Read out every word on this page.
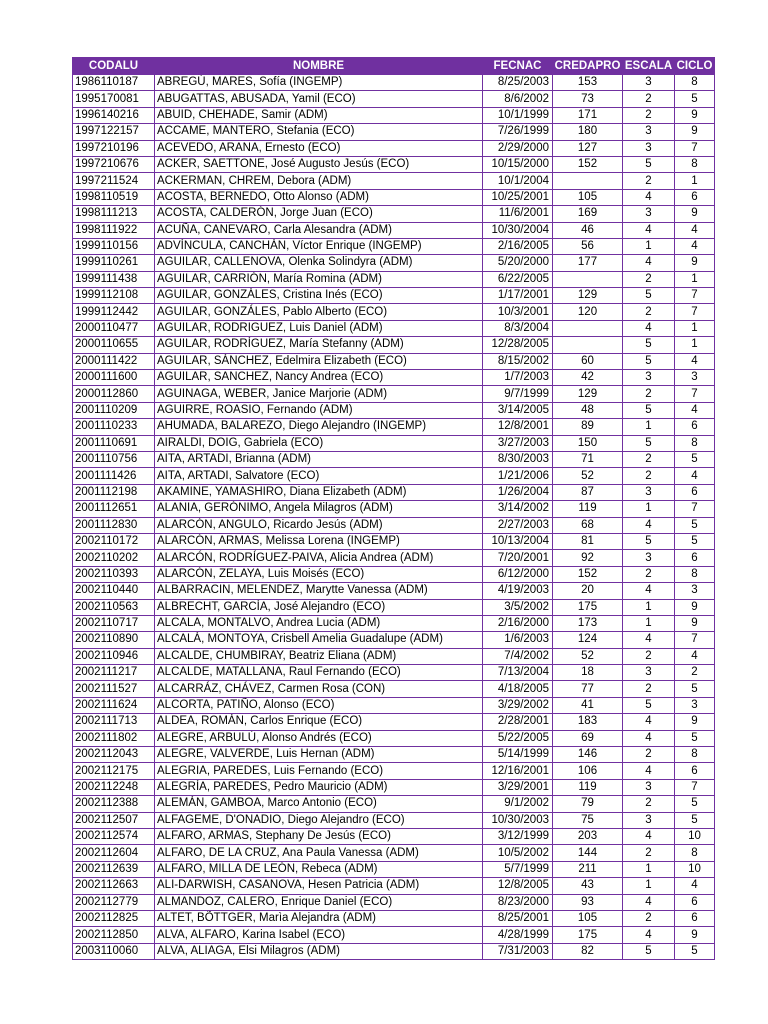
CODALU	NOMBRE	FECNAC	CREDAPRO	ESCALA	CICLO
1986110187	ABREGÚ, MARES, Sofía (INGEMP)	8/25/2003	153	3	8
1995170081	ABUGATTAS, ABUSADA, Yamil (ECO)	8/6/2002	73	2	5
1996140216	ABUID, CHEHADE, Samir (ADM)	10/1/1999	171	2	9
1997122157	ACCAME, MANTERO, Stefania (ECO)	7/26/1999	180	3	9
1997210196	ACEVEDO, ARANA, Ernesto (ECO)	2/29/2000	127	3	7
1997210676	ACKER, SAETTONE, José Augusto Jesús (ECO)	10/15/2000	152	5	8
1997211524	ACKERMAN, CHREM, Debora (ADM)	10/1/2004		2	1
1998110519	ACOSTA, BERNEDO, Otto Alonso (ADM)	10/25/2001	105	4	6
1998111213	ACOSTA, CALDERÓN, Jorge Juan (ECO)	11/6/2001	169	3	9
1998111922	ACUÑA, CANEVARO, Carla Alesandra (ADM)	10/30/2004	46	4	4
1999110156	ADVÍNCULA, CANCHÁN, Víctor Enrique (INGEMP)	2/16/2005	56	1	4
1999110261	AGUILAR, CALLENOVA, Olenka Solindyra (ADM)	5/20/2000	177	4	9
1999111438	AGUILAR, CARRIÓN, María Romina (ADM)	6/22/2005		2	1
1999112108	AGUILAR, GONZÁLES, Cristina Inés (ECO)	1/17/2001	129	5	7
1999112442	AGUILAR, GONZÁLES, Pablo Alberto (ECO)	10/3/2001	120	2	7
2000110477	AGUILAR, RODRIGUEZ, Luis Daniel (ADM)	8/3/2004		4	1
2000110655	AGUILAR, RODRÍGUEZ, María Stefanny (ADM)	12/28/2005		5	1
2000111422	AGUILAR, SÁNCHEZ, Edelmira Elizabeth (ECO)	8/15/2002	60	5	4
2000111600	AGUILAR, SANCHEZ, Nancy Andrea (ECO)	1/7/2003	42	3	3
2000112860	AGUINAGA, WEBER, Janice Marjorie (ADM)	9/7/1999	129	2	7
2001110209	AGUIRRE, ROASIO, Fernando (ADM)	3/14/2005	48	5	4
2001110233	AHUMADA, BALAREZO, Diego Alejandro (INGEMP)	12/8/2001	89	1	6
2001110691	AIRALDI, DOIG, Gabriela (ECO)	3/27/2003	150	5	8
2001110756	AITA, ARTADI, Brianna (ADM)	8/30/2003	71	2	5
2001111426	AITA, ARTADI, Salvatore (ECO)	1/21/2006	52	2	4
2001112198	AKAMINE, YAMASHIRO, Diana Elizabeth (ADM)	1/26/2004	87	3	6
2001112651	ALANIA, GERÓNIMO, Angela Milagros (ADM)	3/14/2002	119	1	7
2001112830	ALARCÓN, ANGULO, Ricardo Jesús (ADM)	2/27/2003	68	4	5
2002110172	ALARCÓN, ARMAS, Melissa Lorena (INGEMP)	10/13/2004	81	5	5
2002110202	ALARCÓN, RODRÍGUEZ-PAIVA, Alicia Andrea (ADM)	7/20/2001	92	3	6
2002110393	ALARCÓN, ZELAYA, Luis Moisés (ECO)	6/12/2000	152	2	8
2002110440	ALBARRACIN, MELENDEZ, Marytte Vanessa (ADM)	4/19/2003	20	4	3
2002110563	ALBRECHT, GARCÍA, José Alejandro (ECO)	3/5/2002	175	1	9
2002110717	ALCALA, MONTALVO, Andrea Lucia (ADM)	2/16/2000	173	1	9
2002110890	ALCALÁ, MONTOYA, Crisbell Amelia Guadalupe (ADM)	1/6/2003	124	4	7
2002110946	ALCALDE, CHUMBIRAY, Beatriz Eliana (ADM)	7/4/2002	52	2	4
2002111217	ALCALDE, MATALLANA, Raul Fernando (ECO)	7/13/2004	18	3	2
2002111527	ALCARRÁZ, CHÁVEZ, Carmen Rosa (CON)	4/18/2005	77	2	5
2002111624	ALCORTA, PATIÑO, Alonso (ECO)	3/29/2002	41	5	3
2002111713	ALDEA, ROMÁN, Carlos Enrique (ECO)	2/28/2001	183	4	9
2002111802	ALEGRE, ARBULÚ, Alonso Andrés (ECO)	5/22/2005	69	4	5
2002112043	ALEGRE, VALVERDE, Luis Hernan (ADM)	5/14/1999	146	2	8
2002112175	ALEGRIA, PAREDES, Luis Fernando (ECO)	12/16/2001	106	4	6
2002112248	ALEGRÍA, PAREDES, Pedro Mauricio (ADM)	3/29/2001	119	3	7
2002112388	ALEMÁN, GAMBOA, Marco Antonio (ECO)	9/1/2002	79	2	5
2002112507	ALFAGEME, D'ONADIO, Diego Alejandro (ECO)	10/30/2003	75	3	5
2002112574	ALFARO, ARMAS, Stephany De Jesús (ECO)	3/12/1999	203	4	10
2002112604	ALFARO, DE LA CRUZ, Ana Paula Vanessa (ADM)	10/5/2002	144	2	8
2002112639	ALFARO, MILLA DE LEÓN, Rebeca (ADM)	5/7/1999	211	1	10
2002112663	ALI-DARWISH, CASANOVA, Hesen Patricia (ADM)	12/8/2005	43	1	4
2002112779	ALMANDOZ, CALERO, Enrique Daniel (ECO)	8/23/2000	93	4	6
2002112825	ALTET, BÕTTGER, Marìa Alejandra (ADM)	8/25/2001	105	2	6
2002112850	ALVA, ALFARO, Karina Isabel (ECO)	4/28/1999	175	4	9
2003110060	ALVA, ALIAGA, Elsi Milagros (ADM)	7/31/2003	82	5	5
